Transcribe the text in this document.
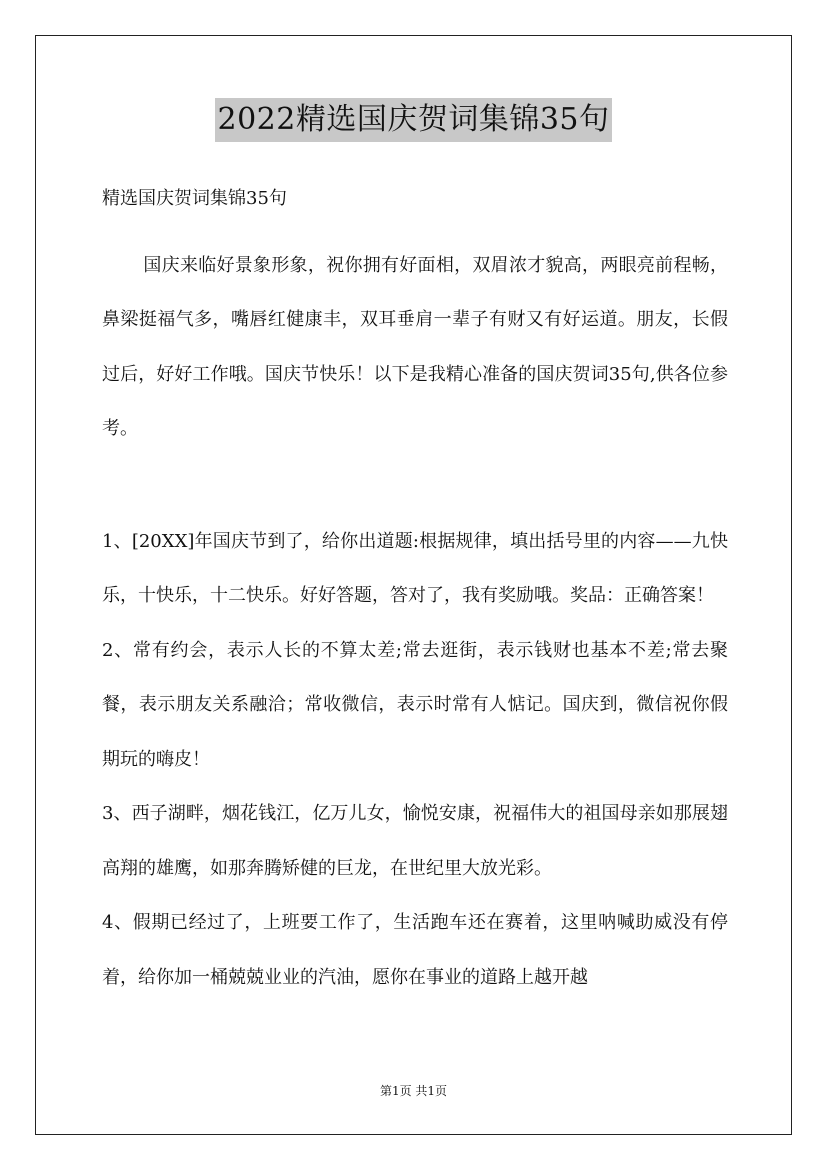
2022精选国庆贺词集锦35句

精选国庆贺词集锦35句

国庆来临好景象形象，祝你拥有好面相，双眉浓才貌高，两眼亮前程畅，鼻梁挺福气多，嘴唇红健康丰，双耳垂肩一辈子有财又有好运道。朋友，长假过后，好好工作哦。国庆节快乐！以下是我精心准备的国庆贺词35句,供各位参考。

1、[20XX]年国庆节到了，给你出道题:根据规律，填出括号里的内容——九快乐，十快乐，十二快乐。好好答题，答对了，我有奖励哦。奖品：正确答案！

2、常有约会，表示人长的不算太差;常去逛街，表示钱财也基本不差;常去聚餐，表示朋友关系融洽；常收微信，表示时常有人惦记。国庆到，微信祝你假期玩的嗨皮！

3、西子湖畔，烟花钱江，亿万儿女，愉悦安康，祝福伟大的祖国母亲如那展翅高翔的雄鹰，如那奔腾矫健的巨龙，在世纪里大放光彩。

4、假期已经过了，上班要工作了，生活跑车还在赛着，这里呐喊助威没有停着，给你加一桶兢兢业业的汽油，愿你在事业的道路上越开越

第1页 共1页
